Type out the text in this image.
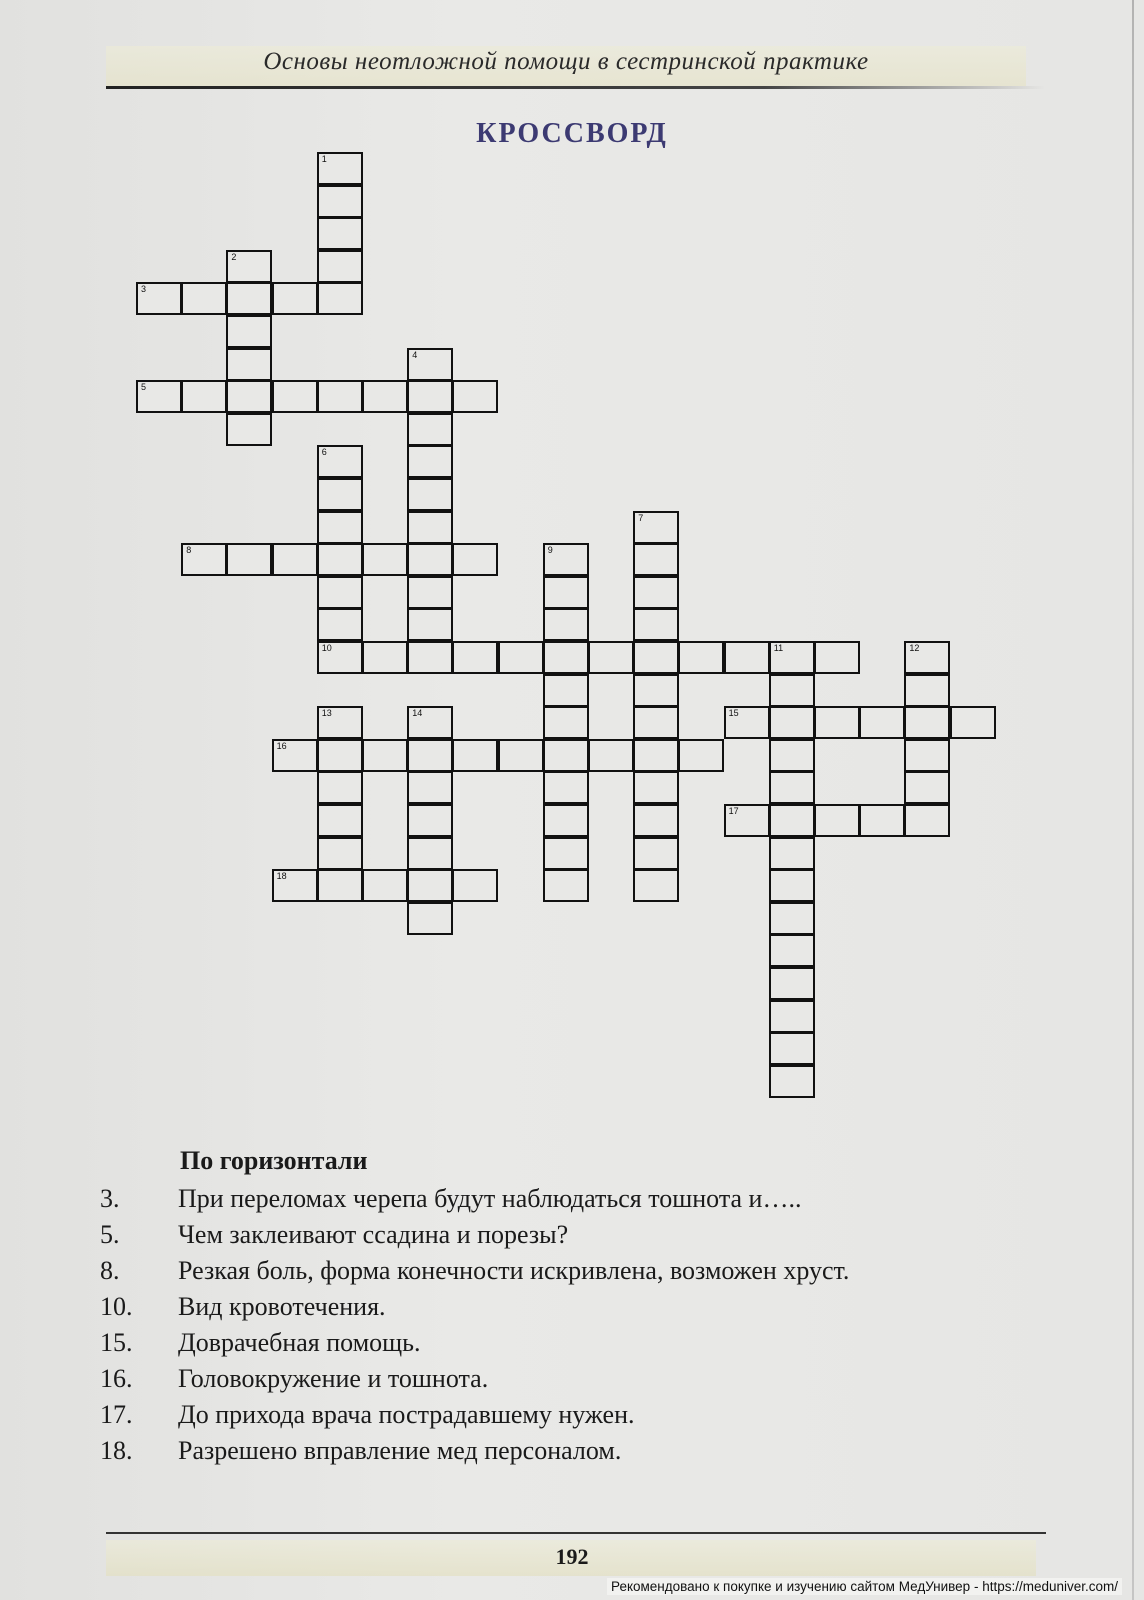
Основы неотложной помощи в сестринской практике
КРОССВОРД
1
2
3
4
5
6
10
7
8	9
11	12
13	14	15
16
17
18
По горизонтали
3.	При переломах черепа будут наблюдаться тошнота и…..
5.	Чем заклеивают ссадина и порезы?
8.	Резкая боль, форма конечности искривлена, возможен хруст.
10.	Вид кровотечения.
15.	Доврачебная помощь.
16.	Головокружение и тошнота.
17.	До прихода врача пострадавшему нужен.
18.	Разрешено вправление мед персоналом.
192
Рекомендовано к покупке и изучению сайтом МедУнивер - https://meduniver.com/
